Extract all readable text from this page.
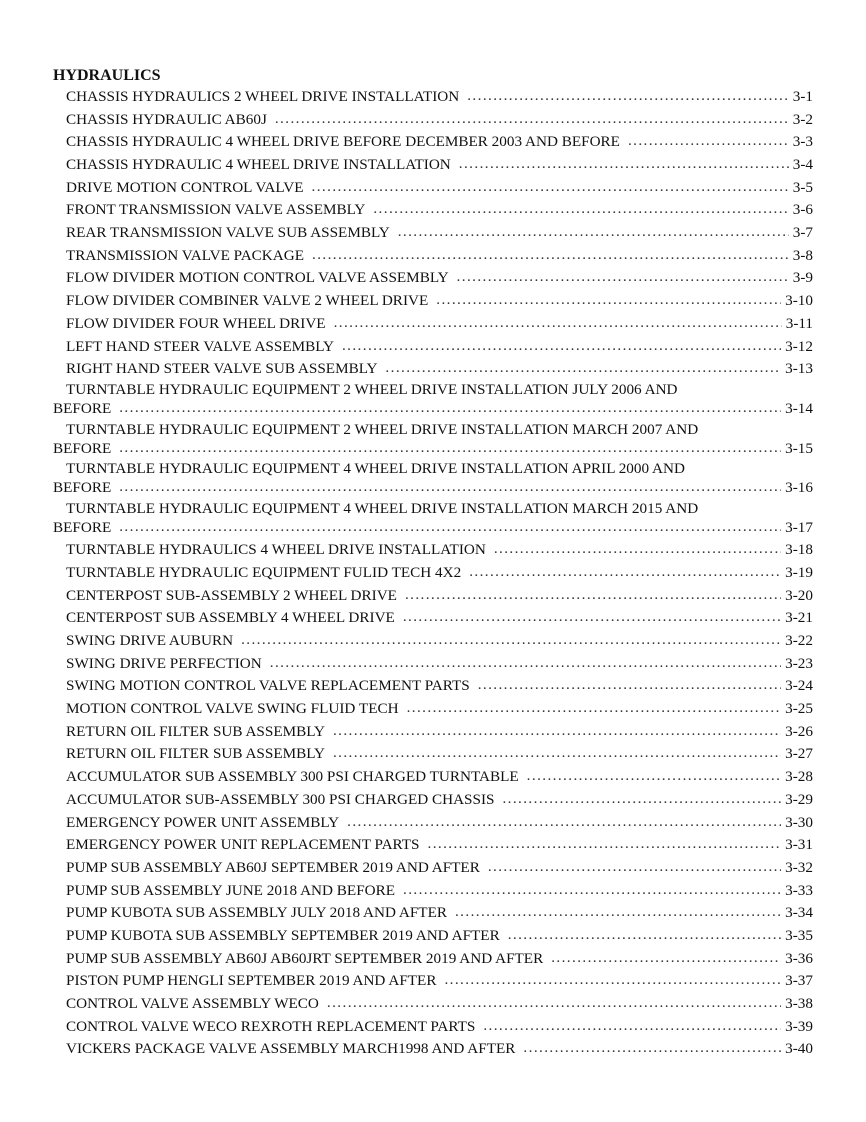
HYDRAULICS
CHASSIS HYDRAULICS 2 WHEEL DRIVE INSTALLATION .....	3-1
CHASSIS HYDRAULIC AB60J .....	3-2
CHASSIS HYDRAULIC 4 WHEEL DRIVE BEFORE DECEMBER 2003 AND BEFORE .....	3-3
CHASSIS HYDRAULIC 4 WHEEL DRIVE INSTALLATION .....	3-4
DRIVE MOTION CONTROL VALVE .....	3-5
FRONT TRANSMISSION VALVE ASSEMBLY .....	3-6
REAR TRANSMISSION VALVE SUB ASSEMBLY .....	3-7
TRANSMISSION VALVE PACKAGE .....	3-8
FLOW DIVIDER MOTION CONTROL VALVE ASSEMBLY .....	3-9
FLOW DIVIDER COMBINER VALVE 2 WHEEL DRIVE .....	3-10
FLOW DIVIDER FOUR WHEEL DRIVE .....	3-11
LEFT HAND STEER VALVE ASSEMBLY .....	3-12
RIGHT HAND STEER VALVE SUB ASSEMBLY .....	3-13
TURNTABLE HYDRAULIC EQUIPMENT 2 WHEEL DRIVE INSTALLATION JULY 2006 AND
BEFORE .....	3-14
TURNTABLE HYDRAULIC EQUIPMENT 2 WHEEL DRIVE INSTALLATION MARCH 2007 AND
BEFORE .....	3-15
TURNTABLE HYDRAULIC EQUIPMENT 4 WHEEL DRIVE INSTALLATION APRIL 2000 AND
BEFORE .....	3-16
TURNTABLE HYDRAULIC EQUIPMENT 4 WHEEL DRIVE INSTALLATION MARCH 2015 AND
BEFORE .....	3-17
TURNTABLE HYDRAULICS 4 WHEEL DRIVE INSTALLATION .....	3-18
TURNTABLE HYDRAULIC EQUIPMENT FULID TECH 4X2 .....	3-19
CENTERPOST SUB-ASSEMBLY 2 WHEEL DRIVE .....	3-20
CENTERPOST SUB ASSEMBLY 4 WHEEL DRIVE .....	3-21
SWING DRIVE AUBURN .....	3-22
SWING DRIVE PERFECTION .....	3-23
SWING MOTION CONTROL VALVE REPLACEMENT PARTS .....	3-24
MOTION CONTROL VALVE SWING FLUID TECH .....	3-25
RETURN OIL FILTER SUB ASSEMBLY .....	3-26
RETURN OIL FILTER SUB ASSEMBLY .....	3-27
ACCUMULATOR SUB ASSEMBLY 300 PSI CHARGED TURNTABLE .....	3-28
ACCUMULATOR SUB-ASSEMBLY 300 PSI CHARGED CHASSIS .....	3-29
EMERGENCY POWER UNIT ASSEMBLY .....	3-30
EMERGENCY POWER UNIT REPLACEMENT PARTS .....	3-31
PUMP SUB ASSEMBLY AB60J SEPTEMBER 2019 AND AFTER .....	3-32
PUMP SUB ASSEMBLY JUNE 2018 AND BEFORE .....	3-33
PUMP KUBOTA SUB ASSEMBLY JULY 2018 AND AFTER .....	3-34
PUMP KUBOTA SUB ASSEMBLY SEPTEMBER 2019 AND AFTER .....	3-35
PUMP SUB ASSEMBLY AB60J AB60JRT SEPTEMBER 2019 AND AFTER .....	3-36
PISTON PUMP HENGLI SEPTEMBER 2019 AND AFTER .....	3-37
CONTROL VALVE ASSEMBLY WECO .....	3-38
CONTROL VALVE WECO REXROTH REPLACEMENT PARTS .....	3-39
VICKERS PACKAGE VALVE ASSEMBLY MARCH1998 AND AFTER .....	3-40
